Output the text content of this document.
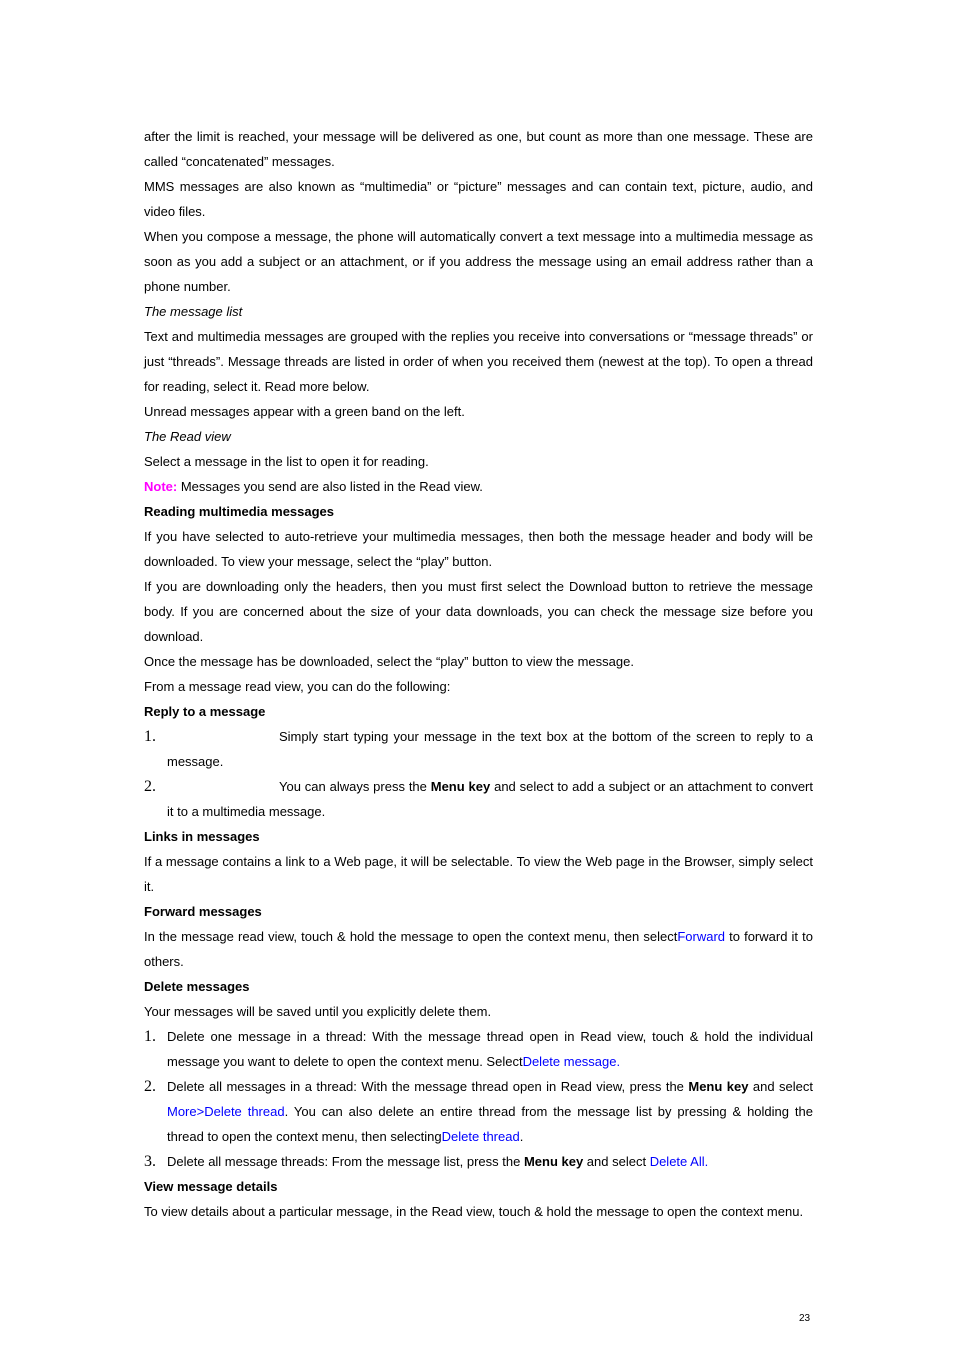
after the limit is reached, your message will be delivered as one, but count as more than one message. These are called “concatenated” messages.

MMS messages are also known as “multimedia” or “picture” messages and can contain text, picture, audio, and video files.

When you compose a message, the phone will automatically convert a text message into a multimedia message as soon as you add a subject or an attachment, or if you address the message using an email address rather than a phone number.

The message list

Text and multimedia messages are grouped with the replies you receive into conversations or “message threads” or just “threads”. Message threads are listed in order of when you received them (newest at the top). To open a thread for reading, select it. Read more below.

Unread messages appear with a green band on the left.

The Read view

Select a message in the list to open it for reading.

Note: Messages you send are also listed in the Read view.

Reading multimedia messages

If you have selected to auto-retrieve your multimedia messages, then both the message header and body will be downloaded. To view your message, select the “play” button.

If you are downloading only the headers, then you must first select the Download button to retrieve the message body. If you are concerned about the size of your data downloads, you can check the message size before you download.

Once the message has be downloaded, select the “play” button to view the message.

From a message read view, you can do the following:

Reply to a message

1.	Simply start typing your message in the text box at the bottom of the screen to reply to a message.
2.	You can always press the Menu key and select to add a subject or an attachment to convert it to a multimedia message.

Links in messages

If a message contains a link to a Web page, it will be selectable. To view the Web page in the Browser, simply select it.

Forward messages

In the message read view, touch & hold the message to open the context menu, then selectForward to forward it to others.

Delete messages

Your messages will be saved until you explicitly delete them.

1. Delete one message in a thread: With the message thread open in Read view, touch & hold the individual message you want to delete to open the context menu. SelectDelete message.
2. Delete all messages in a thread: With the message thread open in Read view, press the Menu key and select More>Delete thread. You can also delete an entire thread from the message list by pressing & holding the thread to open the context menu, then selectingDelete thread.
3. Delete all message threads: From the message list, press the Menu key and select Delete All.

View message details

To view details about a particular message, in the Read view, touch & hold the message to open the context menu.

23
